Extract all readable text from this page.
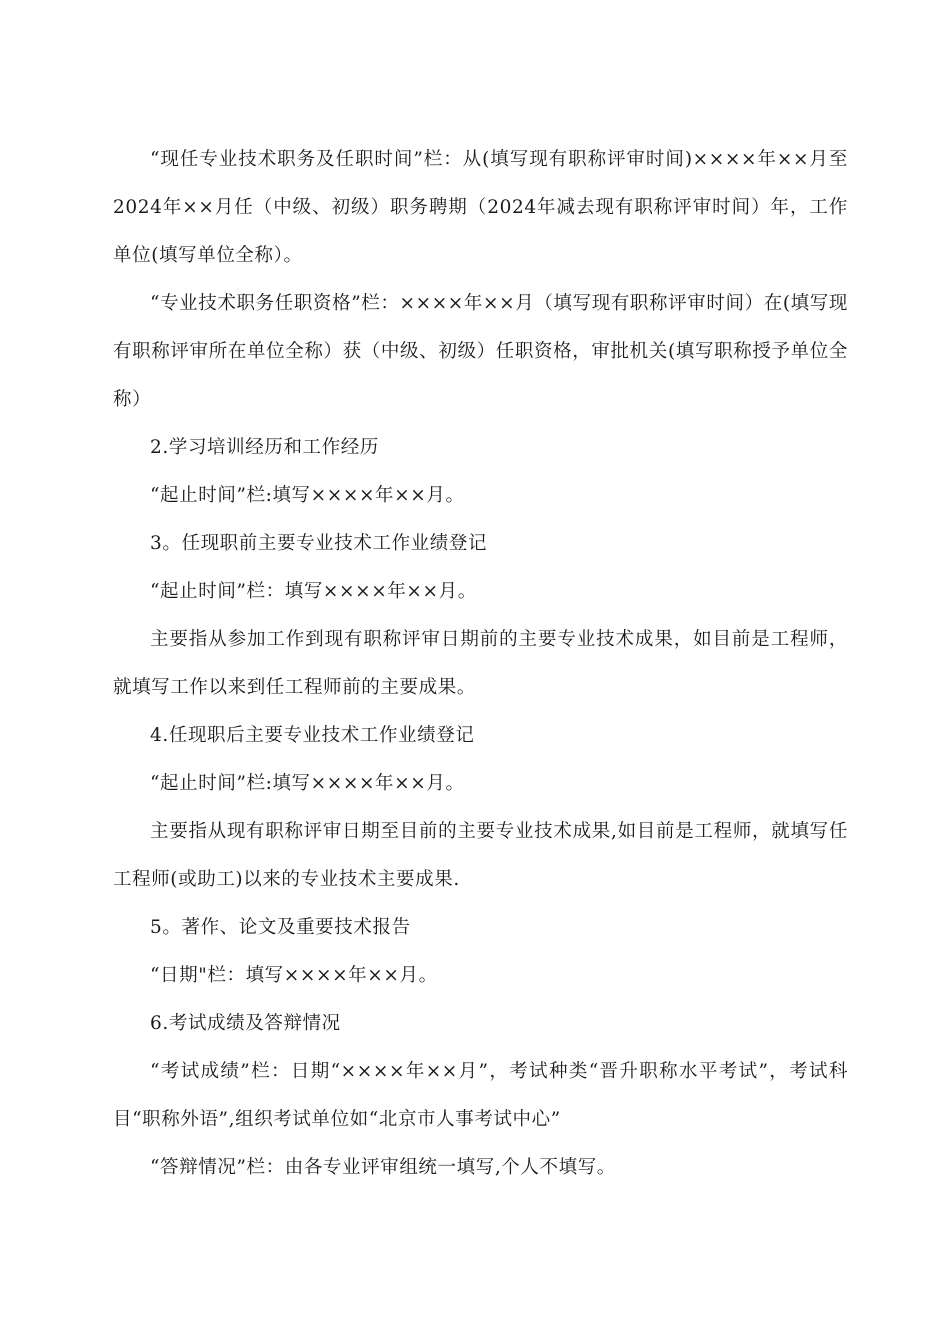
“现任专业技术职务及任职时间”栏：从(填写现有职称评审时间)××××年××月至2024年××月任（中级、初级）职务聘期（2024年减去现有职称评审时间）年，工作单位(填写单位全称）。

“专业技术职务任职资格”栏：××××年××月（填写现有职称评审时间）在(填写现有职称评审所在单位全称）获（中级、初级）任职资格，审批机关(填写职称授予单位全称）

2.学习培训经历和工作经历

“起止时间”栏:填写××××年××月。

3。任现职前主要专业技术工作业绩登记

“起止时间”栏：填写××××年××月。

主要指从参加工作到现有职称评审日期前的主要专业技术成果，如目前是工程师，就填写工作以来到任工程师前的主要成果。

4.任现职后主要专业技术工作业绩登记

“起止时间”栏:填写××××年××月。

主要指从现有职称评审日期至目前的主要专业技术成果,如目前是工程师，就填写任工程师(或助工)以来的专业技术主要成果.

5。著作、论文及重要技术报告

“日期"栏：填写××××年××月。

6.考试成绩及答辩情况

“考试成绩”栏：日期“××××年××月”，考试种类“晋升职称水平考试”，考试科目“职称外语”,组织考试单位如“北京市人事考试中心”

“答辩情况”栏：由各专业评审组统一填写,个人不填写。
